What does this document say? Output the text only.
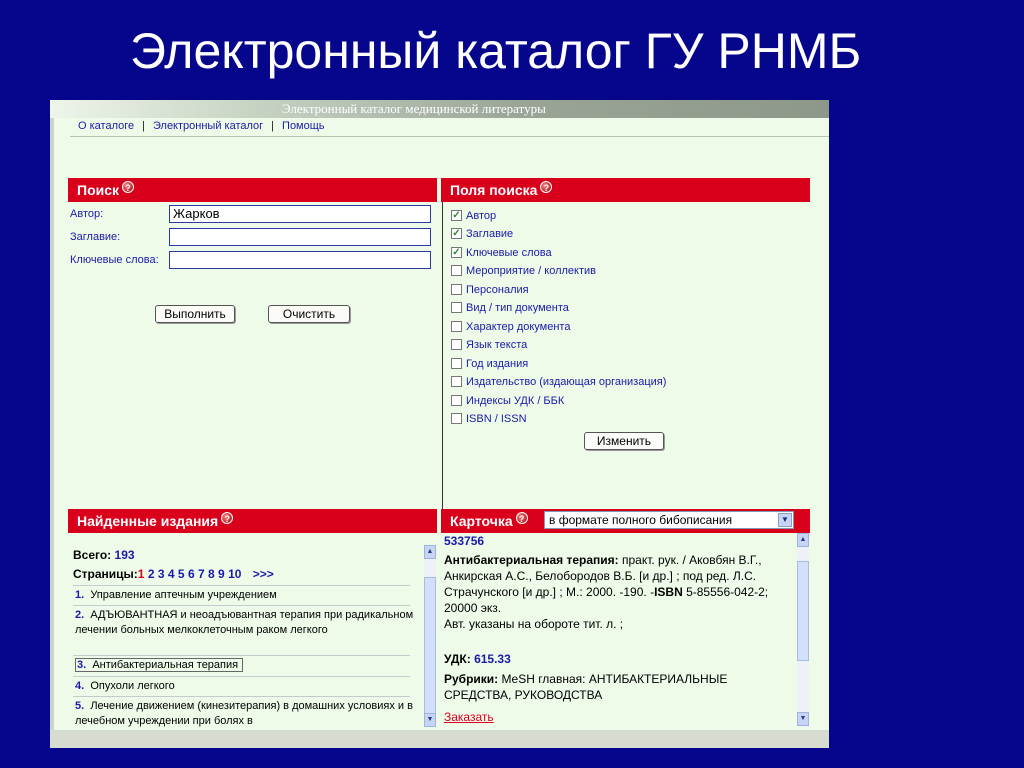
Электронный каталог ГУ РНМБ
Электронный каталог медицинской литературы
О каталоге | Электронный каталог | Помощь
Поиск ?
Автор:	Жарков
Заглавие:
Ключевые слова:
Выполнить	Очистить
Поля поиска ?
✓ Автор
✓ Заглавие
✓ Ключевые слова
Мероприятие / коллектив
Персоналия
Вид / тип документа
Характер документа
Язык текста
Год издания
Издательство (издающая организация)
Индексы УДК / ББК
ISBN / ISSN
Изменить
Найденные издания ?
Всего: 193
Страницы:1 2 3 4 5 6 7 8 9 10 >>>
1. Управление аптечным учреждением
2. АДЪЮВАНТНАЯ и неоадъювантная терапия при радикальном лечении больных мелкоклеточным раком легкого
3. Антибактериальная терапия
4. Опухоли легкого
5. Лечение движением (кинезитерапия) в домашних условиях и в лечебном учреждении при болях в
▲
▼
Карточка ?	в формате полного бибописания	▼
533756
Антибактериальная терапия: практ. рук. / Аковбян В.Г., Анкирская А.С., Белобородов В.Б. [и др.] ; под ред. Л.С. Страчунского [и др.] ; М.: 2000. -190. -ISBN 5-85556-042-2; 20000 экз.
Авт. указаны на обороте тит. л. ;
УДК: 615.33
Рубрики: MeSH главная: АНТИБАКТЕРИАЛЬНЫЕ СРЕДСТВА, РУКОВОДСТВА
Заказать
▲
▼
